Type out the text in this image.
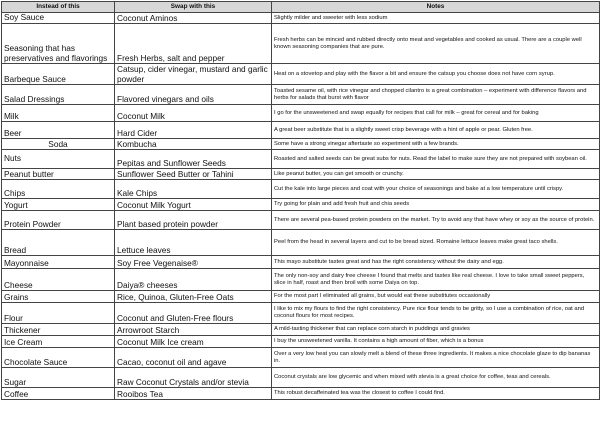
Instead of this	Swap with this	Notes
Soy Sauce	Coconut Aminos	Slightly milder and sweeter with less sodium
Seasoning that has preservatives and flavorings	Fresh Herbs, salt and pepper	Fresh herbs can be minced and rubbed directly onto meat and vegetables and cooked as usual. There are a couple well known seasoning companies that are pure.
Barbeque Sauce	Catsup, cider vinegar, mustard and garlic powder	Heat on a stovetop and play with the flavor a bit and ensure the catsup you choose does not have corn syrup.
Salad Dressings	Flavored vinegars and oils	Toasted sesame oil, with rice vinegar and chopped cilantro is a great combination – experiment with difference flavors and herbs for salads that burst with flavor
Milk	Coconut Milk	I go for the unsweetened and swap equally for recipes that call for milk – great for cereal and for baking
Beer	Hard Cider	A great beer substitute that is a slightly sweet crisp beverage with a hint of apple or pear. Gluten free.
Soda	Kombucha	Some have a strong vinegar aftertaste so experiment with a few brands.
Nuts	Pepitas and Sunflower Seeds	Roasted and salted seeds can be great subs for nuts. Read the label to make sure they are not prepared with soybean oil.
Peanut butter	Sunflower Seed Butter or Tahini	Like peanut butter, you can get smooth or crunchy.
Chips	Kale Chips	Cut the kale into large pieces and coat with your choice of seasonings and bake at a low temperature until crispy.
Yogurt	Coconut Milk Yogurt	Try going for plain and add fresh fruit and chia seeds
Protein Powder	Plant based protein powder	There are several pea-based protein powders on the market. Try to avoid any that have whey or soy as the source of protein.
Bread	Lettuce leaves	Peel from the head in several layers and cut to be bread sized. Romaine lettuce leaves make great taco shells.
Mayonnaise	Soy Free Vegenaise®	This mayo substitute tastes great and has the right consistency without the dairy and egg.
Cheese	Daiya® cheeses	The only non-soy and dairy free cheese I found that melts and tastes like real cheese. I love to take small sweet peppers, slice in half, roast and then broil with some Daiya on top.
Grains	Rice, Quinoa, Gluten-Free Oats	For the most part I eliminated all grains, but would eat these substitutes occasionally
Flour	Coconut and Gluten-Free flours	I like to mix my flours to find the right consistency. Pure rice flour tends to be gritty, so I use a combination of rice, oat and coconut flours for most recipes.
Thickener	Arrowroot Starch	A mild-tasting thickener that can replace corn starch in puddings and gravies
Ice Cream	Coconut Milk Ice cream	I buy the unsweetened vanilla. It contains a high amount of fiber, which is a bonus
Chocolate Sauce	Cacao, coconut oil and agave	Over a very low heat you can slowly melt a blend of these three ingredients. It makes a nice chocolate glaze to dip bananas in.
Sugar	Raw Coconut Crystals and/or stevia	Coconut crystals are low glycemic and when mixed with stevia is a great choice for coffee, teas and cereals.
Coffee	Rooibos Tea	This robust decaffeinated tea was the closest to coffee I could find.
